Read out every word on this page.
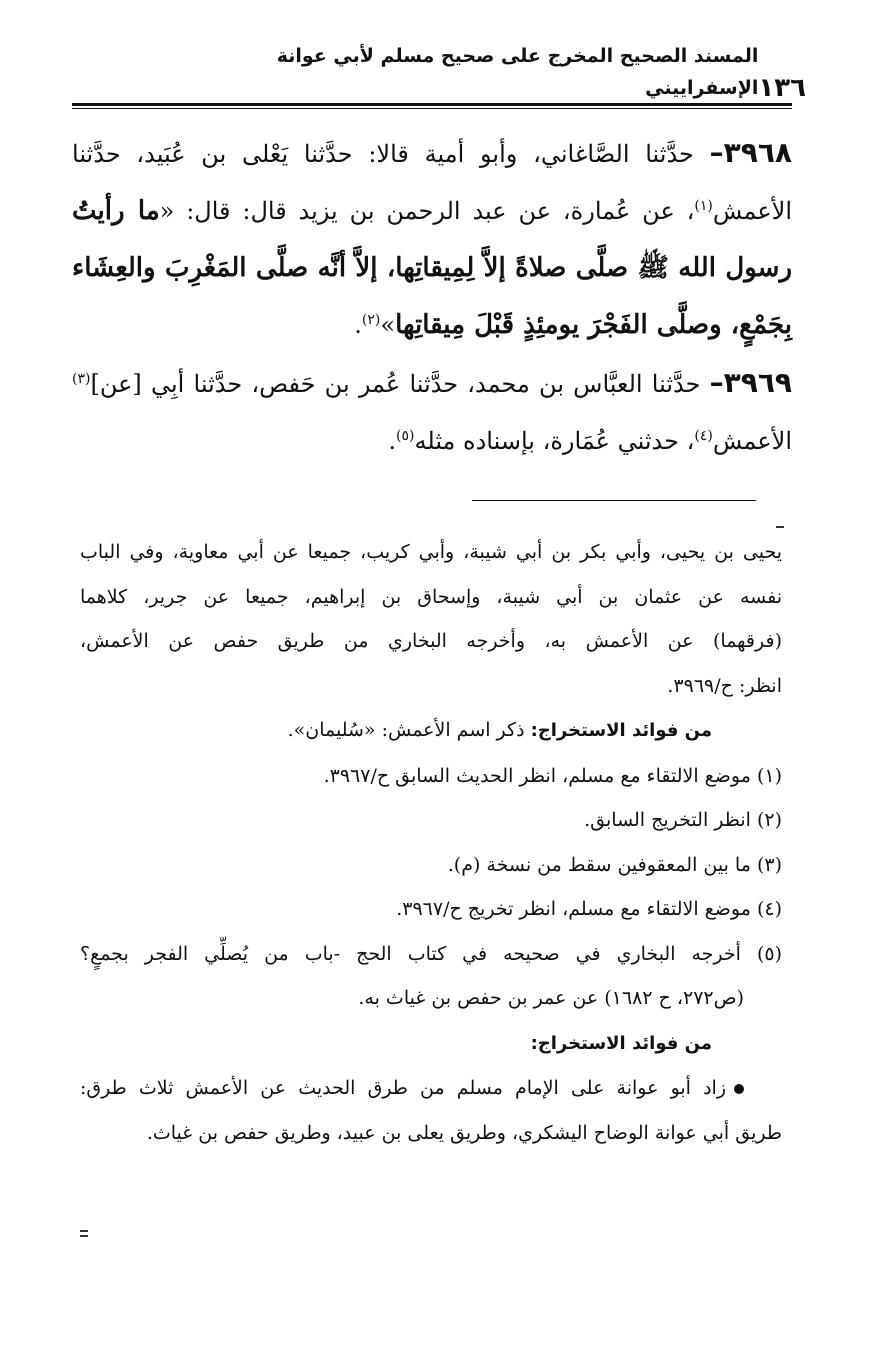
١٣٦
المسند الصحيح المخرج على صحيح مسلم لأبي عوانة الإسفراييني

٣٩٦٨– حدَّثنا الصَّاغاني، وأبو أمية قالا: حدَّثنا يَعْلى بن عُبَيد، حدَّثنا الأعمش$^{(١)}$، عن عُمارة، عن عبد الرحمن بن يزيد قال: قال: «ما رأيتُ رسول الله ﷺ صلَّى صلاةً إلاَّ لِمِيقاتِها، إلاَّ أنَّه صلَّى المَغْرِبَ والعِشَاء بِجَمْعٍ، وصلَّى الفَجْرَ يومئِذٍ قَبْلَ مِيقاتِها»$^{(٢)}$.

٣٩٦٩– حدَّثنا العبَّاس بن محمد، حدَّثنا عُمر بن حَفص، حدَّثنا أبِي [عن]$^{(٣)}$ الأعمش$^{(٤)}$، حدثني عُمَارة، بإسناده مثله$^{(٥)}$.

يحيى بن يحيى، وأبي بكر بن أبي شيبة، وأبي كريب، جميعا عن أبي معاوية، وفي الباب

نفسه عن عثمان بن أبي شيبة، وإسحاق بن إبراهيم، جميعا عن جرير، كلاهما

(فرقهما) عن الأعمش به، وأخرجه البخاري من طريق حفص عن الأعمش،

انظر: ح/٣٩٦٩.

من فوائد الاستخراج: ذكر اسم الأعمش: «سُليمان».

(١) موضع الالتقاء مع مسلم، انظر الحديث السابق ح/٣٩٦٧.

(٢) انظر التخريج السابق.

(٣) ما بين المعقوفين سقط من نسخة (م).

(٤) موضع الالتقاء مع مسلم، انظر تخريج ح/٣٩٦٧.

(٥) أخرجه البخاري في صحيحه في كتاب الحج -باب من يُصلِّي الفجر بجمعٍ؟

(ص٢٧٢، ح ١٦٨٢) عن عمر بن حفص بن غياث به.

من فوائد الاستخراج:

زاد أبو عوانة على الإمام مسلم من طرق الحديث عن الأعمش ثلاث طرق:

طريق أبي عوانة الوضاح اليشكري، وطريق يعلى بن عبيد، وطريق حفص بن غياث.
